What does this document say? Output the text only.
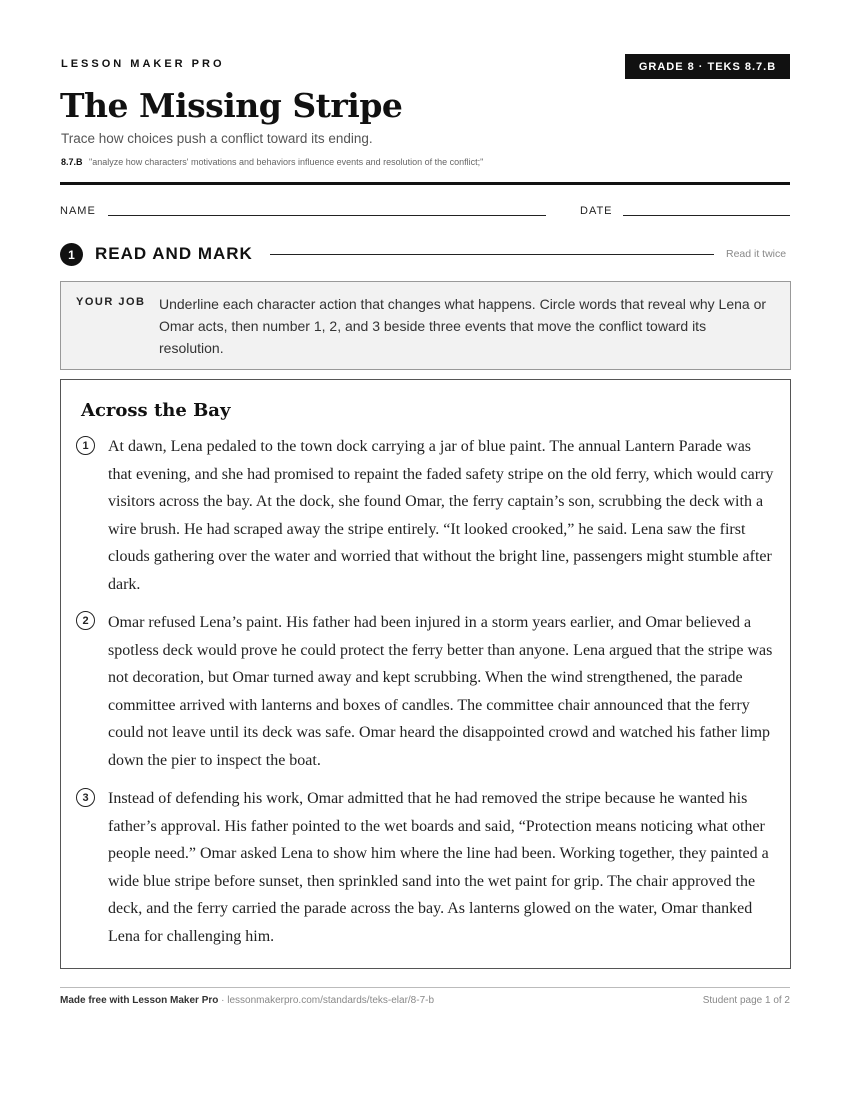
LESSON MAKER PRO	GRADE 8 · TEKS 8.7.B
The Missing Stripe
Trace how choices push a conflict toward its ending.
8.7.B "analyze how characters' motivations and behaviors influence events and resolution of the conflict;"
NAME	DATE
1	READ AND MARK	Read it twice
YOUR JOB Underline each character action that changes what happens. Circle words that reveal why Lena or Omar acts, then number 1, 2, and 3 beside three events that move the conflict toward its resolution.
Across the Bay
1	At dawn, Lena pedaled to the town dock carrying a jar of blue paint. The annual Lantern Parade was that evening, and she had promised to repaint the faded safety stripe on the old ferry, which would carry visitors across the bay. At the dock, she found Omar, the ferry captain’s son, scrubbing the deck with a wire brush. He had scraped away the stripe entirely. “It looked crooked,” he said. Lena saw the first clouds gathering over the water and worried that without the bright line, passengers might stumble after dark.

2	Omar refused Lena’s paint. His father had been injured in a storm years earlier, and Omar believed a spotless deck would prove he could protect the ferry better than anyone. Lena argued that the stripe was not decoration, but Omar turned away and kept scrubbing. When the wind strengthened, the parade committee arrived with lanterns and boxes of candles. The committee chair announced that the ferry could not leave until its deck was safe. Omar heard the disappointed crowd and watched his father limp down the pier to inspect the boat.

3	Instead of defending his work, Omar admitted that he had removed the stripe because he wanted his father’s approval. His father pointed to the wet boards and said, “Protection means noticing what other people need.” Omar asked Lena to show him where the line had been. Working together, they painted a wide blue stripe before sunset, then sprinkled sand into the wet paint for grip. The chair approved the deck, and the ferry carried the parade across the bay. As lanterns glowed on the water, Omar thanked Lena for challenging him.

Made free with Lesson Maker Pro · lessonmakerpro.com/standards/teks-elar/8-7-b	Student page 1 of 2
